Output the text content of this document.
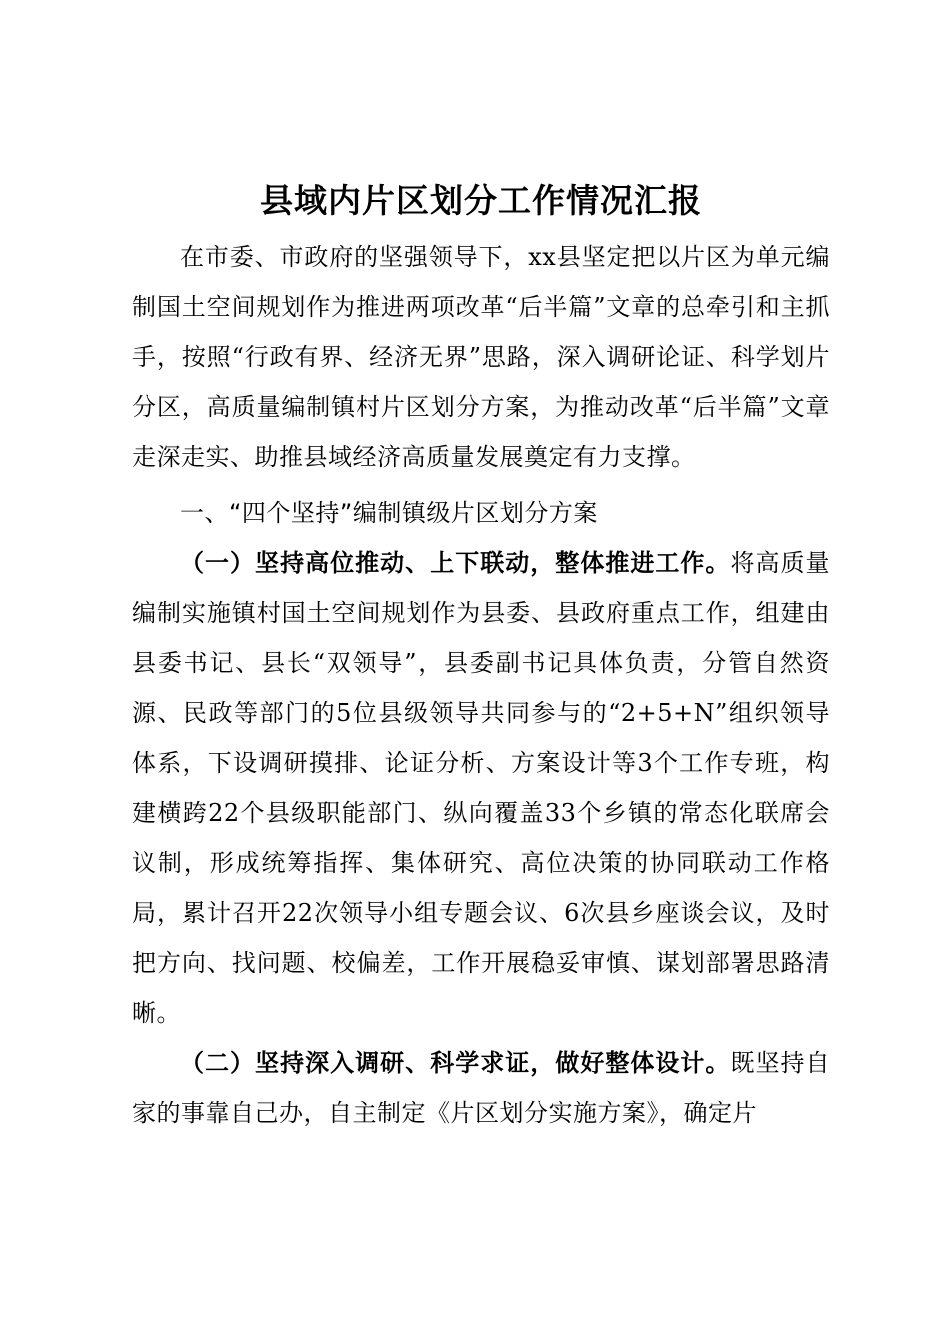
县域内片区划分工作情况汇报

在市委、市政府的坚强领导下，xx县坚定把以片区为单元编制国土空间规划作为推进两项改革“后半篇”文章的总牵引和主抓手，按照“行政有界、经济无界”思路，深入调研论证、科学划片分区，高质量编制镇村片区划分方案，为推动改革“后半篇”文章走深走实、助推县域经济高质量发展奠定有力支撑。

一、“四个坚持”编制镇级片区划分方案

（一）坚持高位推动、上下联动，整体推进工作。将高质量编制实施镇村国土空间规划作为县委、县政府重点工作，组建由县委书记、县长“双领导”，县委副书记具体负责，分管自然资源、民政等部门的5位县级领导共同参与的“2+5+N”组织领导体系，下设调研摸排、论证分析、方案设计等3个工作专班，构建横跨22个县级职能部门、纵向覆盖33个乡镇的常态化联席会议制，形成统筹指挥、集体研究、高位决策的协同联动工作格局，累计召开22次领导小组专题会议、6次县乡座谈会议，及时把方向、找问题、校偏差，工作开展稳妥审慎、谋划部署思路清晰。

（二）坚持深入调研、科学求证，做好整体设计。既坚持自家的事靠自己办，自主制定《片区划分实施方案》，确定片
